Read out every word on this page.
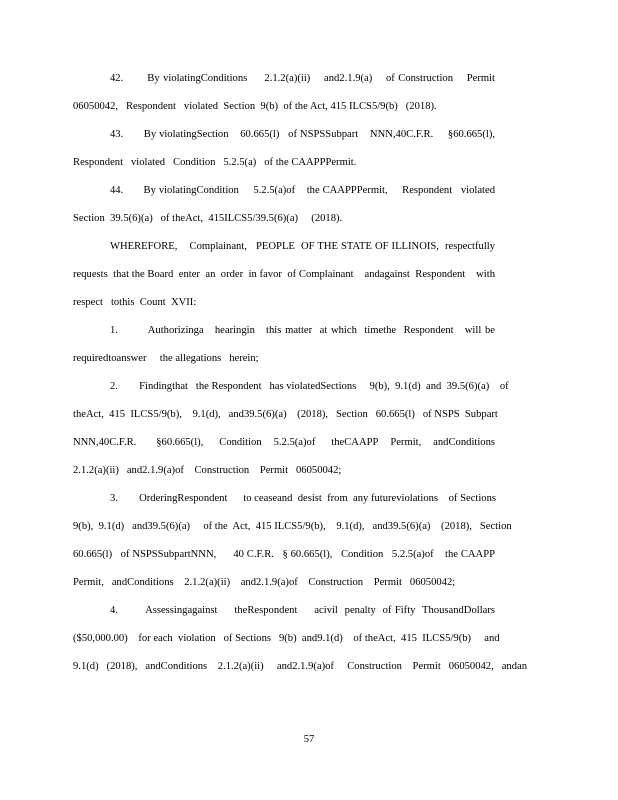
42.       By violatingConditions     2.1.2(a)(ii)    and2.1.9(a)    of Construction    Permit
06050042,   Respondent   violated  Section  9(b)  of the Act, 415 ILCS5/9(b)   (2018).
43.       By violatingSection    60.665(l)   of NSPSSubpart    NNN,40C.F.R.     §60.665(l),
Respondent   violated   Condition   5.2.5(a)   of the CAAPPPermit.
44.       By violatingCondition     5.2.5(a)of    the CAAPPPermit,     Respondent   violated
Section  39.5(6)(a)   of theAct,  415ILCS5/39.5(6)(a)     (2018).
WHEREFORE,    Complainant,   PEOPLE  OF THE STATE OF ILLINOIS,  respectfully
requests  that the Board  enter  an  order  in favor  of Complainant    andagainst  Respondent    with
respect   tothis  Count  XVII:
1.        Authorizinga   hearingin   this matter  at which  timethe  Respondent   will be
requiredtoanswer     the allegations   herein;
2.        Findingthat   the Respondent   has violatedSections     9(b),  9.1(d)  and  39.5(6)(a)    of
theAct,  415  ILCS5/9(b),    9.1(d),   and39.5(6)(a)    (2018),   Section   60.665(l)   of NSPS  Subpart
NNN,40C.F.R.     §60.665(l),    Condition   5.2.5(a)of    theCAAPP   Permit,   andConditions
2.1.2(a)(ii)   and2.1.9(a)of    Construction    Permit   06050042;
3.        OrderingRespondent      to ceaseand  desist  from  any futureviolations    of Sections
9(b),  9.1(d)   and39.5(6)(a)     of the  Act,  415 ILCS5/9(b),    9.1(d),   and39.5(6)(a)    (2018),   Section
60.665(l)   of NSPSSubpartNNN,      40 C.F.R.   § 60.665(l),   Condition   5.2.5(a)of    the CAAPP
Permit,   andConditions    2.1.2(a)(ii)    and2.1.9(a)of    Construction    Permit   06050042;
4.        Assessingagainst     theRespondent     acivil  penalty  of Fifty  ThousandDollars
($50,000.00)    for each  violation   of Sections   9(b)  and9.1(d)    of theAct,  415  ILCS5/9(b)     and
9.1(d)   (2018),   andConditions    2.1.2(a)(ii)     and2.1.9(a)of     Construction    Permit   06050042,   andan
57
